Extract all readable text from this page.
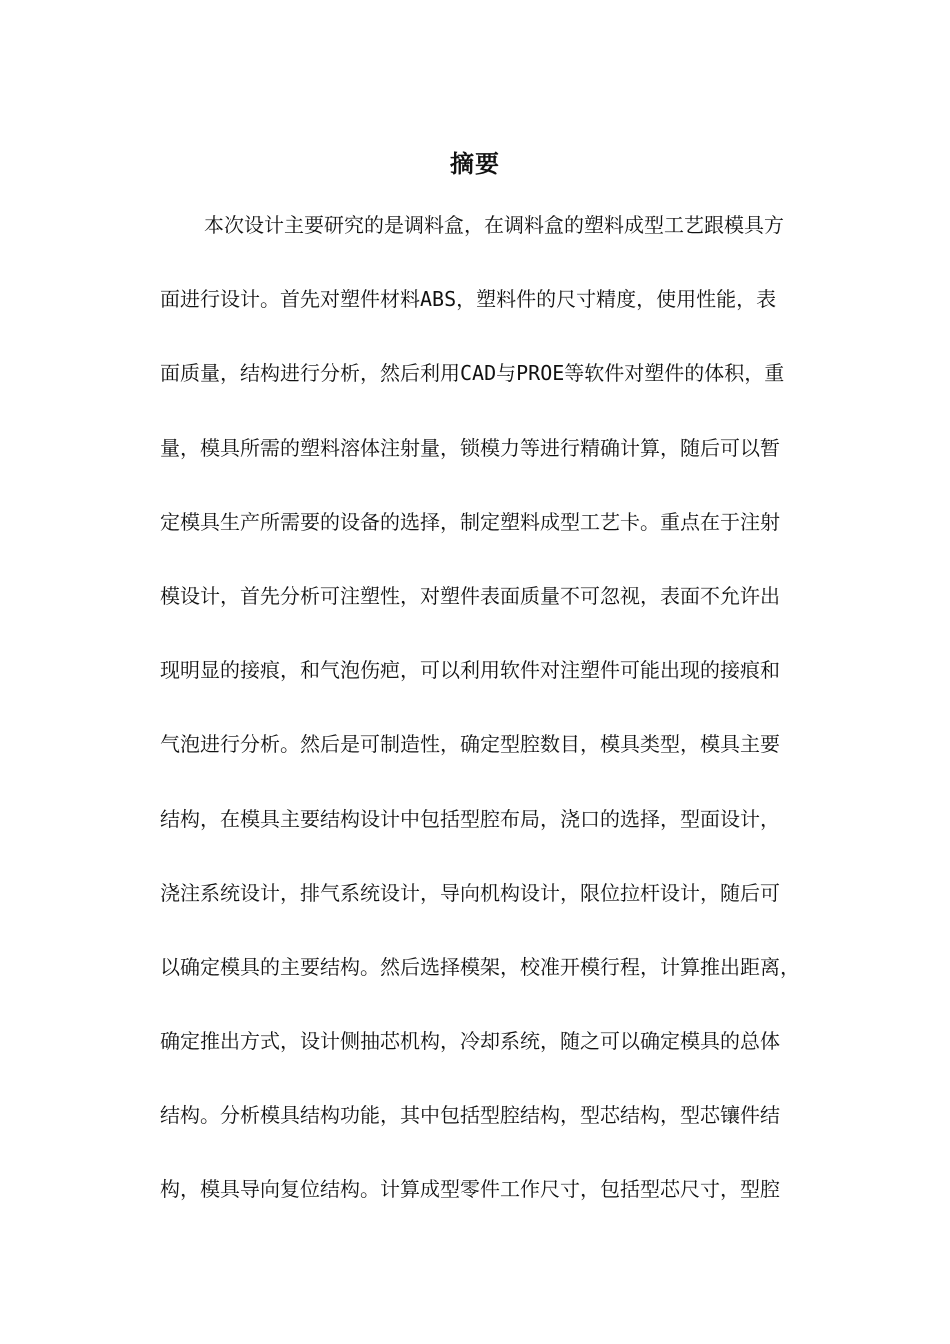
摘要
本次设计主要研究的是调料盒，在调料盒的塑料成型工艺跟模具方
面进行设计。首先对塑件材料ABS，塑料件的尺寸精度，使用性能，表
面质量，结构进行分析，然后利用CAD与PROE等软件对塑件的体积，重
量，模具所需的塑料溶体注射量，锁模力等进行精确计算，随后可以暂
定模具生产所需要的设备的选择，制定塑料成型工艺卡。重点在于注射
模设计，首先分析可注塑性，对塑件表面质量不可忽视，表面不允许出
现明显的接痕，和气泡伤疤，可以利用软件对注塑件可能出现的接痕和
气泡进行分析。然后是可制造性，确定型腔数目，模具类型，模具主要
结构，在模具主要结构设计中包括型腔布局，浇口的选择，型面设计，
浇注系统设计，排气系统设计，导向机构设计，限位拉杆设计，随后可
以确定模具的主要结构。然后选择模架，校准开模行程，计算推出距离，
确定推出方式，设计侧抽芯机构，冷却系统，随之可以确定模具的总体
结构。分析模具结构功能，其中包括型腔结构，型芯结构，型芯镶件结
构，模具导向复位结构。计算成型零件工作尺寸，包括型芯尺寸，型腔
